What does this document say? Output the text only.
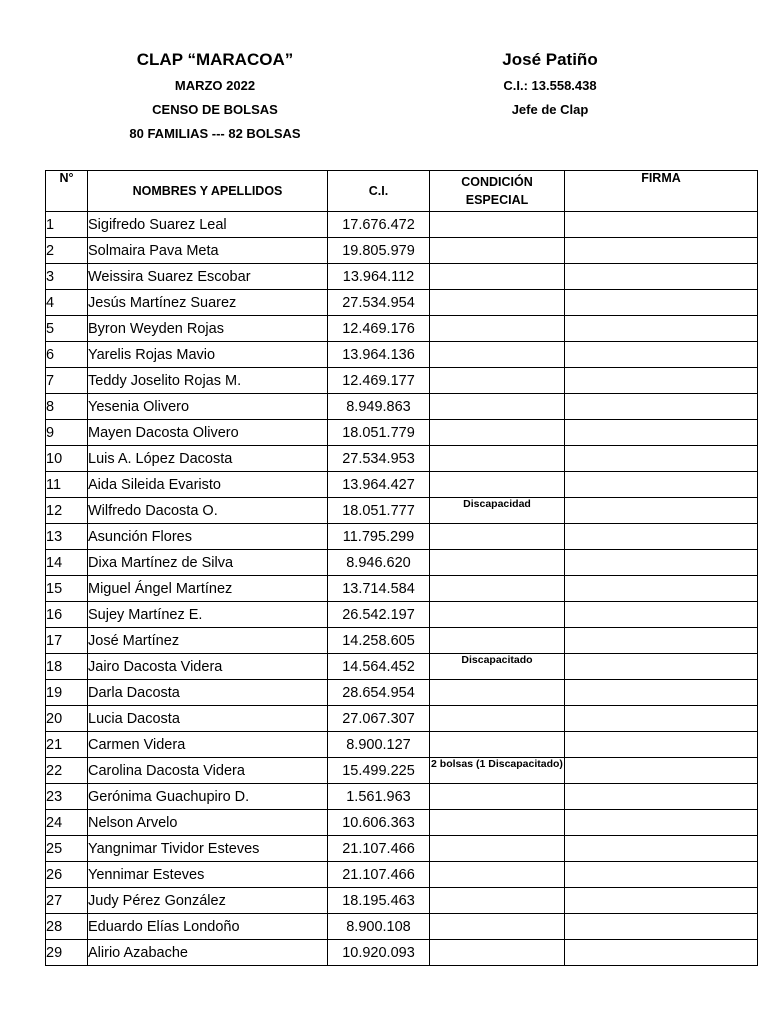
CLAP “MARACOA”
MARZO 2022
CENSO DE BOLSAS
80 FAMILIAS --- 82 BOLSAS
José Patiño
C.I.: 13.558.438
Jefe de Clap
N°	NOMBRES Y APELLIDOS	C.I.	CONDICIÓN ESPECIAL	FIRMA
1	Sigifredo Suarez Leal	17.676.472		
2	Solmaira Pava Meta	19.805.979		
3	Weissira Suarez Escobar	13.964.112		
4	Jesús Martínez Suarez	27.534.954		
5	Byron Weyden Rojas	12.469.176		
6	Yarelis Rojas Mavio	13.964.136		
7	Teddy Joselito Rojas M.	12.469.177		
8	Yesenia Olivero	8.949.863		
9	Mayen Dacosta Olivero	18.051.779		
10	Luis A. López Dacosta	27.534.953		
11	Aida Sileida Evaristo	13.964.427		
12	Wilfredo Dacosta O.	18.051.777	Discapacidad	
13	Asunción Flores	11.795.299		
14	Dixa Martínez de Silva	8.946.620		
15	Miguel Ángel Martínez	13.714.584		
16	Sujey Martínez E.	26.542.197		
17	José Martínez	14.258.605		
18	Jairo Dacosta Videra	14.564.452	Discapacitado	
19	Darla Dacosta	28.654.954		
20	Lucia Dacosta	27.067.307		
21	Carmen Videra	8.900.127		
22	Carolina Dacosta Videra	15.499.225	2 bolsas (1 Discapacitado)	
23	Gerónima Guachupiro D.	1.561.963		
24	Nelson Arvelo	10.606.363		
25	Yangnimar Tividor Esteves	21.107.466		
26	Yennimar Esteves	21.107.466		
27	Judy Pérez González	18.195.463		
28	Eduardo Elías Londoño	8.900.108		
29	Alirio Azabache	10.920.093		
